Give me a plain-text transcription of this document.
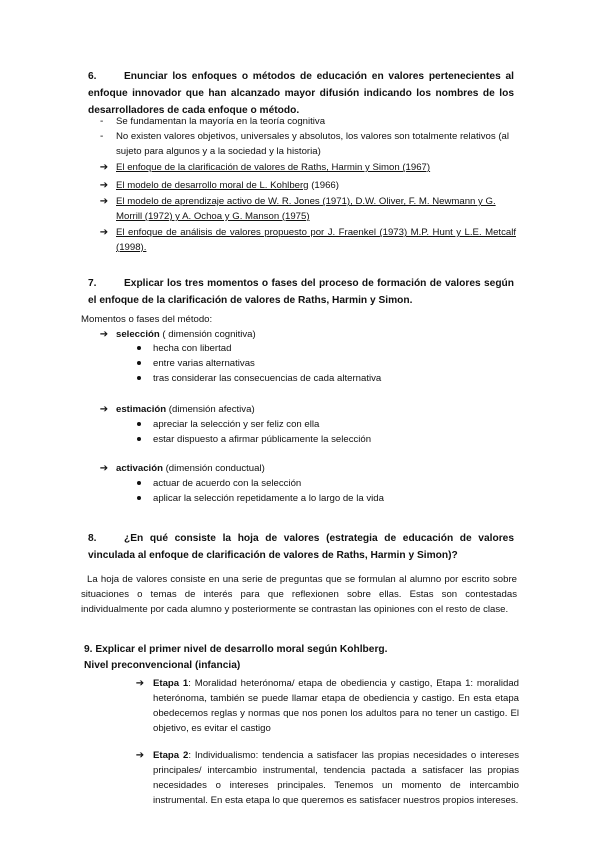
6.	Enunciar los enfoques o métodos de educación en valores pertenecientes al enfoque innovador que han alcanzado mayor difusión indicando los nombres de los desarrolladores de cada enfoque o método.
- Se fundamentan la mayoría en la teoría cognitiva
- No existen valores objetivos, universales y absolutos, los valores son totalmente relativos (al sujeto para algunos y a la sociedad y la historia)
➔ El enfoque de la clarificación de valores de Raths, Harmin y Simon (1967)
➔ El modelo de desarrollo moral de L. Kohlberg (1966)
➔ El modelo de aprendizaje activo de W. R. Jones (1971), D.W. Oliver, F. M. Newmann y G. Morrill (1972) y A. Ochoa y G. Manson (1975)
➔ El enfoque de análisis de valores propuesto por J. Fraenkel (1973) M.P. Hunt y L.E. Metcalf (1998).
7.	Explicar los tres momentos o fases del proceso de formación de valores según el enfoque de la clarificación de valores de Raths, Harmin y Simon.
Momentos o fases del método:
➔ selección ( dimensión cognitiva)
hecha con libertad
entre varias alternativas
tras considerar las consecuencias de cada alternativa
➔ estimación (dimensión afectiva)
apreciar la selección y ser feliz con ella
estar dispuesto a afirmar públicamente la selección
➔ activación (dimensión conductual)
actuar de acuerdo con la selección
aplicar la selección repetidamente a lo largo de la vida
8.	¿En qué consiste la hoja de valores (estrategia de educación de valores vinculada al enfoque de clarificación de valores de Raths, Harmin y Simon)?
La hoja de valores consiste en una serie de preguntas que se formulan al alumno por escrito sobre situaciones o temas de interés para que reflexionen sobre ellas. Estas son contestadas individualmente por cada alumno y posteriormente se contrastan las opiniones con el resto de clase.
9. Explicar el primer nivel de desarrollo moral según Kohlberg.
Nivel preconvencional (infancia)
➔ Etapa 1: Moralidad heterónoma/ etapa de obediencia y castigo, Etapa 1: moralidad heterónoma, también se puede llamar etapa de obediencia y castigo. En esta etapa obedecemos reglas y normas que nos ponen los adultos para no tener un castigo. El objetivo, es evitar el castigo
➔ Etapa 2: Individualismo: tendencia a satisfacer las propias necesidades o intereses principales/ intercambio instrumental, tendencia pactada a satisfacer las propias necesidades o intereses principales. Tenemos un momento de intercambio instrumental. En esta etapa lo que queremos es satisfacer nuestros propios intereses.
